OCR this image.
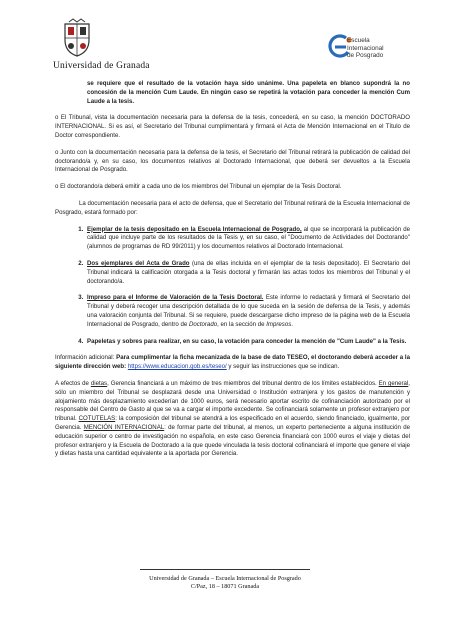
Universidad de Granada
Escuela
Internacional
de Posgrado

se requiere que el resultado de la votación haya sido unánime. Una papeleta en blanco supondrá la no concesión de la mención Cum Laude. En ningún caso se repetirá la votación para conceder la mención Cum Laude a la tesis.

o El Tribunal, vista la documentación necesaria para la defensa de la tesis, concederá, en su caso, la mención DOCTORADO INTERNACIONAL. Si es así, el Secretario del Tribunal cumplimentará y firmará el Acta de Mención Internacional en el Título de Doctor correspondiente.

o Junto con la documentación necesaria para la defensa de la tesis, el Secretario del Tribunal retirará la publicación de calidad del doctorando/a y, en su caso, los documentos relativos al Doctorado Internacional, que deberá ser devueltos a la Escuela Internacional de Posgrado.

o El doctorando/a deberá emitir a cada uno de los miembros del Tribunal un ejemplar de la Tesis Doctoral.

La documentación necesaria para el acto de defensa, que el Secretario del Tribunal retirará de la Escuela Internacional de Posgrado, estará formado por:

1. Ejemplar de la tesis depositado en la Escuela Internacional de Posgrado, al que se incorporará la publicación de calidad que incluye parte de los resultados de la Tesis y, en su caso, el "Documento de Actividades del Doctorando" (alumnos de programas de RD 99/2011) y los documentos relativos al Doctorado Internacional.
2. Dos ejemplares del Acta de Grado (una de ellas incluida en el ejemplar de la tesis depositado). El Secretario del Tribunal indicará la calificación otorgada a la Tesis doctoral y firmarán las actas todos los miembros del Tribunal y el doctorando/a.
3. Impreso para el Informe de Valoración de la Tesis Doctoral. Este informe lo redactará y firmará el Secretario del Tribunal y deberá recoger una descripción detallada de lo que suceda en la sesión de defensa de la Tesis, y además una valoración conjunta del Tribunal. Si se requiere, puede descargarse dicho impreso de la página web de la Escuela Internacional de Posgrado, dentro de Doctorado, en la sección de Impresos.
4. Papeletas y sobres para realizar, en su caso, la votación para conceder la mención de "Cum Laude" a la Tesis.

Información adicional: Para cumplimentar la ficha mecanizada de la base de dato TESEO, el doctorando deberá acceder a la siguiente dirección web: https://www.educacion.gob.es/teseo/ y seguir las instrucciones que se indican.

A efectos de dietas, Gerencia financiará a un máximo de tres miembros del tribunal dentro de los límites establecidos. En general, sólo un miembro del Tribunal se desplazará desde una Universidad o Institución extranjera y los gastos de manutención y alojamiento más desplazamiento excederían de 1000 euros, será necesario aportar escrito de cofinanciación autorizado por el responsable del Centro de Gasto al que se va a cargar el importe excedente. Se cofinanciará solamente un profesor extranjero por tribunal. COTUTELAS: la composición del tribunal se atendrá a los especificado en el acuerdo, siendo financiado, igualmente, por Gerencia. MENCIÓN INTERNACIONAL: de formar parte del tribunal, al menos, un experto perteneciente a alguna institución de educación superior o centro de investigación no española, en este caso Gerencia financiará con 1000 euros el viaje y dietas del profesor extranjero y la Escuela de Doctorado a la que quede vinculada la tesis doctoral cofinanciará el importe que genere el viaje y dietas hasta una cantidad equivalente a la aportada por Gerencia.

Universidad de Granada – Escuela Internacional de Posgrado
C/Paz, 18 – 18071 Granada
